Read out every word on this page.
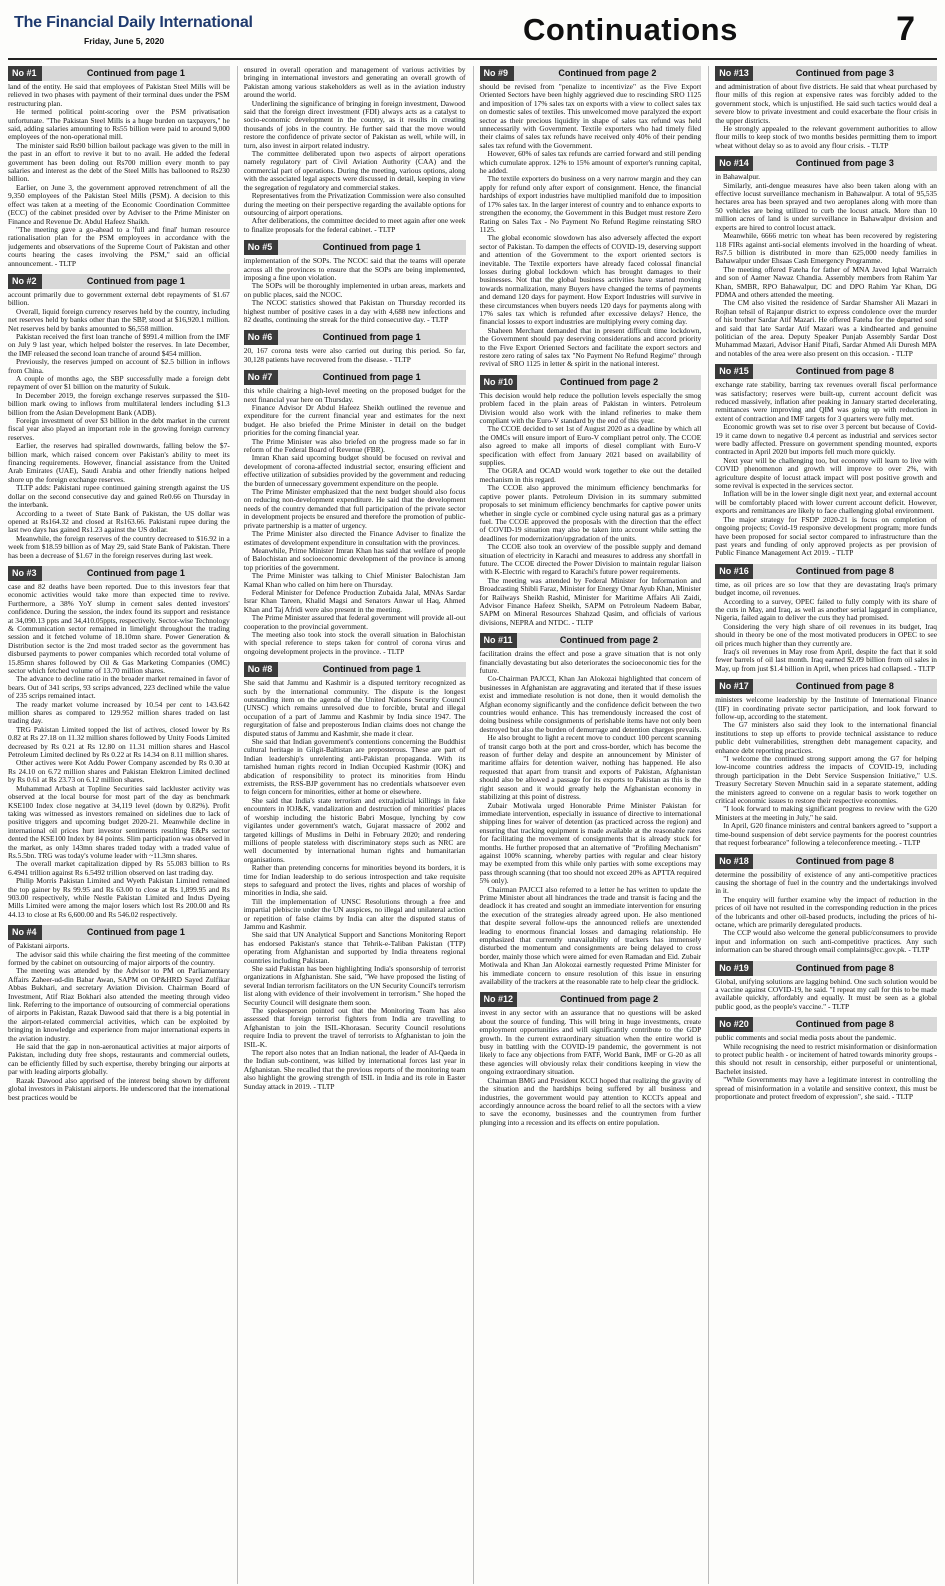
The Financial Daily International
Friday, June 5, 2020	Continuations	7
No #1	Continued from page 1

land of the entity. He said that employees of Pakistan Steel Mills will be relieved in two phases with payment of their terminal dues under the PSM restructuring plan.

He termed political point-scoring over the PSM privatisation unfortunate. "The Pakistan Steel Mills is a huge burden on taxpayers," he said, adding salaries amounting to Rs55 billion were paid to around 9,000 employees of the non-operational mill.

The minister said Rs90 billion bailout package was given to the mill in the past in an effort to revive it but to no avail. He added the federal government has been doling out Rs700 million every month to pay salaries and interest as the debt of the Steel Mills has ballooned to Rs230 billion.

Earlier, on June 3, the government approved retrenchment of all the 9,350 employees of the Pakistan Steel Mills (PSM). A decision to this effect was taken at a meeting of the Economic Coordination Committee (ECC) of the cabinet presided over by Adviser to the Prime Minister on Finance and Revenue Dr. Abdul Hafeez Shaikh.

"The meeting gave a go-ahead to a 'full and final' human resource rationalisation plan for the PSM employees in accordance with the judgements and observations of the Supreme Court of Pakistan and other courts hearing the cases involving the PSM," said an official announcement. - TLTP

No #2	Continued from page 1

account primarily due to government external debt repayments of $1.67 billion.

Overall, liquid foreign currency reserves held by the country, including net reserves held by banks other than the SBP, stood at $16,920.1 million. Net reserves held by banks amounted to $6,558 million.

Pakistan received the first loan tranche of $991.4 million from the IMF on July 9 last year, which helped bolster the reserves. In late December, the IMF released the second loan tranche of around $454 million.

Previously, the reserves jumped on account of $2.5 billion in inflows from China.

A couple of months ago, the SBP successfully made a foreign debt repayment of over $1 billion on the maturity of Sukuk.

In December 2019, the foreign exchange reserves surpassed the $10-billion mark owing to inflows from multilateral lenders including $1.3 billion from the Asian Development Bank (ADB).

Foreign investment of over $3 billion in the debt market in the current fiscal year also played an important role in the growing foreign currency reserves.

Earlier, the reserves had spiralled downwards, falling below the $7-billion mark, which raised concern over Pakistan's ability to meet its financing requirements. However, financial assistance from the United Arab Emirates (UAE), Saudi Arabia and other friendly nations helped shore up the foreign exchange reserves.

TLTP adds: Pakistani rupee continued gaining strength against the US dollar on the second consecutive day and gained Re0.66 on Thursday in the interbank.

According to a tweet of State Bank of Pakistan, the US dollar was opened at Rs164.32 and closed at Rs163.66. Pakistani rupee during the last two days has gained Rs1.23 against the US dollar.

Meanwhile, the foreign reserves of the country decreased to $16.92 in a week from $18.59 billion as of May 29, said State Bank of Pakistan. There has been a decrease of $1.67 in the foreign reserves during last week.

No #3	Continued from page 1

case and 82 deaths have been reported. Due to this investors fear that economic activities would take more than expected time to revive. Furthermore, a 38% YoY slump in cement sales dented investors' confidence. During the session, the index found its support and resistance at 34,090.13 ppts and 34,410.05ppts, respectively. Sector-wise Technology & Communication sector remained in limelight throughout the trading session and it fetched volume of 18.10mn share. Power Generation & Distribution sector is the 2nd most traded sector as the government has disbursed payments to power companies which recorded total volume of 15.85mn shares followed by Oil & Gas Marketing Companies (OMC) sector which fetched volume of 13.70 million shares.

The advance to decline ratio in the broader market remained in favor of bears. Out of 341 scrips, 93 scrips advanced, 223 declined while the value of 235 scrips remained intact.

The ready market volume increased by 10.54 per cent to 143.642 million shares as compared to 129.952 million shares traded on last trading day.

TRG Pakistan Limited topped the list of actives, closed lower by Rs 0.82 at Rs 27.18 on 11.32 million shares followed by Unity Foods Limited decreased by Rs 0.21 at Rs 12.80 on 11.31 million shares and Hascol Petroleum Limited declined by Rs 0.22 at Rs 14.34 on 8.11 million shares.

Other actives were Kot Addu Power Company ascended by Rs 0.30 at Rs 24.10 on 6.72 million shares and Pakistan Elektron Limited declined by Rs 0.61 at Rs 23.73 on 6.12 million shares.

Muhammad Arbash at Topline Securities said lackluster activity was observed at the local bourse for most part of the day as benchmark KSE100 Index close negative at 34,119 level (down by 0.82%). Profit taking was witnessed as investors remained on sidelines due to lack of positive triggers and upcoming budget 2020-21. Meanwhile decline in international oil prices hurt investor sentiments resulting E&Ps sector dented the KSE100 Index by 84 points. Slim participation was observed in the market, as only 143mn shares traded today with a traded value of Rs.5.5bn. TRG was today's volume leader with ~11.3mn shares.

The overall market capitalization dipped by Rs 55.083 billion to Rs 6.4941 trillion against Rs 6.5492 trillion observed on last trading day.

Philip Morris Pakistan Limited and Wyeth Pakistan Limited remained the top gainer by Rs 99.95 and Rs 63.00 to close at Rs 1,899.95 and Rs 903.00 respectively, while Nestle Pakistan Limited and Indus Dyeing Mills Limited were among the major losers which lost Rs 200.00 and Rs 44.13 to close at Rs 6,600.00 and Rs 546.02 respectively.

No #4	Continued from page 1

of Pakistani airports.

The advisor said this while chairing the first meeting of the committee formed by the cabinet on outsourcing of major airports of the country.

The meeting was attended by the Advisor to PM on Parliamentary Affairs Zaheer-ud-din Babar Awan, SAPM on OP&HRD Sayed Zulfikar Abbas Bukhari, and secretary Aviation Division. Chairman Board of Investment, Atif Riaz Bokhari also attended the meeting through video link. Referring to the importance of outsourcing of commercial operations of airports in Pakistan, Razak Dawood said that there is a big potential in the airport-related commercial activities, which can be exploited by bringing in knowledge and experience from major international experts in the aviation industry.

He said that the gap in non-aeronautical activities at major airports of Pakistan, including duty free shops, restaurants and commercial outlets, can be efficiently filled by such expertise, thereby bringing our airports at par with leading airports globally.

Razak Dawood also apprised of the interest being shown by different global investors in Pakistani airports. He underscored that the international best practices would be

ensured in overall operation and management of various activities by bringing in international investors and generating an overall growth of Pakistan among various stakeholders as well as in the aviation industry around the world.

Underlining the significance of bringing in foreign investment, Dawood said that the foreign direct investment (FDI) always acts as a catalyst to socio-economic development in the country, as it results in creating thousands of jobs in the country. He further said that the move would restore the confidence of private sector of Pakistan as well, while will, in turn, also invest in airport related industry.

The committee deliberated upon two aspects of airport operations namely regulatory part of Civil Aviation Authority (CAA) and the commercial part of operations. During the meeting, various options, along with the associated legal aspects were discussed in detail, keeping in view the segregation of regulatory and commercial stakes.

Representatives from the Privatization Commission were also consulted during the meeting on their perspective regarding the available options for outsourcing of airport operations.

After deliberations, the committee decided to meet again after one week to finalize proposals for the federal cabinet. - TLTP

No #5	Continued from page 1

implementation of the SOPs. The NCOC said that the teams will operate across all the provinces to ensure that the SOPs are being implemented, imposing a fine upon violation.

The SOPs will be thoroughly implemented in urban areas, markets and on public places, said the NCOC.

The NCOC statistics showed that Pakistan on Thursday recorded its highest number of positive cases in a day with 4,688 new infections and 82 deaths, continuing the streak for the third consecutive day. - TLTP

No #6	Continued from page 1

20, 167 corona tests were also carried out during this period. So far, 30,128 patients have recovered from the disease. - TLTP

No #7	Continued from page 1

this while chairing a high-level meeting on the proposed budget for the next financial year here on Thursday.

Finance Advisor Dr Abdul Hafeez Sheikh outlined the revenue and expenditure for the current financial year and estimates for the next budget. He also briefed the Prime Minister in detail on the budget priorities for the coming financial year.

The Prime Minister was also briefed on the progress made so far in reform of the Federal Board of Revenue (FBR).

Imran Khan said upcoming budget should be focused on revival and development of corona-affected industrial sector, ensuring efficient and effective utilization of subsidies provided by the government and reducing the burden of unnecessary government expenditure on the people.

The Prime Minister emphasized that the next budget should also focus on reducing non-development expenditure. He said that the development needs of the country demanded that full participation of the private sector in development projects be ensured and therefore the promotion of public-private partnership is a matter of urgency.

The Prime Minister also directed the Finance Adviser to finalize the estimates of development expenditure in consultation with the provinces.

Meanwhile, Prime Minister Imran Khan has said that welfare of people of Balochistan and socioeconomic development of the province is among top priorities of the government.

The Prime Minister was talking to Chief Minister Balochistan Jam Kamal Khan who called on him here on Thursday.

Federal Minister for Defence Production Zubaida Jalal, MNAs Sardar Israr Khan Tareen, Khalid Magsi and Senators Anwar ul Haq, Ahmed Khan and Taj Afridi were also present in the meeting.

The Prime Minister assured that federal government will provide all-out cooperation to the provincial government.

The meeting also took into stock the overall situation in Balochistan with special reference to steps taken for control of corona virus and ongoing development projects in the province. - TLTP

No #8	Continued from page 1

She said that Jammu and Kashmir is a disputed territory recognized as such by the international community. The dispute is the longest outstanding item on the agenda of the United Nations Security Council (UNSC) which remains unresolved due to forcible, brutal and illegal occupation of a part of Jammu and Kashmir by India since 1947. The regurgitation of false and preposterous Indian claims does not change the disputed status of Jammu and Kashmir, she made it clear.

She said that Indian government's contentions concerning the Buddhist cultural heritage in Gilgit-Baltistan are preposterous. These are part of Indian leadership's unrelenting anti-Pakistan propaganda. With its tarnished human rights record in Indian Occupied Kashmir (IOK) and abdication of responsibility to protect its minorities from Hindu extremists, the RSS-BJP government has no credentials whatsoever even to feign concern for minorities, either at home or elsewhere.

She said that India's state terrorism and extrajudicial killings in fake encounters in IOJ&K, vandalization and destruction of minorities' places of worship including the historic Babri Mosque, lynching by cow vigilantes under government's watch, Gujarat massacre of 2002 and targeted killings of Muslims in Delhi in February 2020; and rendering millions of people stateless with discriminatory steps such as NRC are well documented by international human rights and humanitarian organisations.

Rather than pretending concerns for minorities beyond its borders, it is time for Indian leadership to do serious introspection and take requisite steps to safeguard and protect the lives, rights and places of worship of minorities in India, she said.

Till the implementation of UNSC Resolutions through a free and impartial plebiscite under the UN auspices, no illegal and unilateral action or repetition of false claims by India can alter the disputed status of Jammu and Kashmir.

She said that UN Analytical Support and Sanctions Monitoring Report has endorsed Pakistan's stance that Tehrik-e-Taliban Pakistan (TTP) operating from Afghanistan and supported by India threatens regional countries including Pakistan.

She said Pakistan has been highlighting India's sponsorship of terrorist organizations in Afghanistan. She said, "We have proposed the listing of several Indian terrorism facilitators on the UN Security Council's terrorism list along with evidence of their involvement in terrorism." She hoped the Security Council will designate them soon.

The spokesperson pointed out that the Monitoring Team has also assessed that foreign terrorist fighters from India are travelling to Afghanistan to join the ISIL-Khorasan. Security Council resolutions require India to prevent the travel of terrorists to Afghanistan to join the ISIL-K.

The report also notes that an Indian national, the leader of Al-Qaeda in the Indian sub-continent, was killed by international forces last year in Afghanistan. She recalled that the previous reports of the monitoring team also highlight the growing strength of ISIL in India and its role in Easter Sunday attack in 2019. - TLTP

No #9	Continued from page 2

should be revised from "penalize to incentivize" as the Five Export Oriented Sectors have been highly aggrieved due to rescinding SRO 1125 and imposition of 17% sales tax on exports with a view to collect sales tax on domestic sales of textiles. This unwelcomed move paralyzed the export sector as their precious liquidity in shape of sales tax refund was held unnecessarily with Government. Textile exporters who had timely filed their claims of sales tax refunds have received only 40% of their pending sales tax refund with the Government.

However, 60% of sales tax refunds are carried forward and still pending which cumulate approx. 12% to 15% amount of exporter's running capital, he added.

The textile exporters do business on a very narrow margin and they can apply for refund only after export of consignment. Hence, the financial hardships of export industries have multiplied manifold due to imposition of 17% sales tax. In the larger interest of country and to enhance exports to strengthen the economy, the Government in this Budget must restore Zero Rating on Sales Tax - No Payment No Refund Regime reinstating SRO 1125.

The global economic slowdown has also adversely affected the export sector of Pakistan. To dampen the effects of COVID-19, deserving support and attention of the Government to the export oriented sectors is inevitable. The Textile exporters have already faced colossal financial losses during global lockdown which has brought damages to their businesses. Not that the global business activities have started moving towards normalization, many Buyers have changed the terms of payments and demand 120 days for payment. How Export Industries will survive in these circumstances when buyers needs 120 days for payments along with 17% sales tax which is refunded after excessive delays? Hence, the financial losses to export industries are multiplying every coming day.

Shaheen Merchant demanded that in present difficult time lockdown, the Government should pay deserving considerations and accord priority to the Five Export Oriented Sectors and facilitate the export sectors and restore zero rating of sales tax "No Payment No Refund Regime" through revival of SRO 1125 in letter & spirit in the national interest.

No #10	Continued from page 2

This decision would help reduce the pollution levels especially the smog problem faced in the plain areas of Pakistan in winters. Petroleum Division would also work with the inland refineries to make them compliant with the Euro-V standard by the end of this year.

The CCOE decided to set 1st of August 2020 as a deadline by which all the OMCs will ensure import of Euro-V compliant petrol only. The CCOE also agreed to make all imports of diesel compliant with Euro-V specification with effect from January 2021 based on availability of supplies.

The OGRA and OCAD would work together to eke out the detailed mechanism in this regard.

The CCOE also approved the minimum efficiency benchmarks for captive power plants. Petroleum Division in its summary submitted proposals to set minimum efficiency benchmarks for captive power units whether in single cycle or combined cycle using natural gas as a primary fuel. The CCOE approved the proposals with the direction that the effect of COVID-19 situation may also be taken into account while setting the deadlines for modernization/upgradation of the units.

The CCOE also took an overview of the possible supply and demand situation of electricity in Karachi and measures to address any shortfall in future. The CCOE directed the Power Division to maintain regular liaison with K-Electric with regard to Karachi's future power requirements.

The meeting was attended by Federal Minister for Information and Broadcasting Shibli Faraz, Minister for Energy Omar Ayub Khan, Minister for Railways Sheikh Rashid, Minister for Maritime Affairs Ali Zaidi, Advisor Finance Hafeez Sheikh, SAPM on Petroleum Nadeem Babar, SAPM on Mineral Resources Shahzad Qasim, and officials of various divisions, NEPRA and NTDC. - TLTP

No #11	Continued from page 2

facilitation drains the effect and pose a grave situation that is not only financially devastating but also deteriorates the socioeconomic ties for the future.

Co-Chairman PAJCCI, Khan Jan Alokozai highlighted that concern of businesses in Afghanistan are aggravating and iterated that if these issues exist and immediate resolution is not done, then it would demolish the Afghan economy significantly and the confidence deficit between the two countries would enhance. This has tremendously increased the cost of doing business while consignments of perishable items have not only been destroyed but also the burden of demurrage and detention charges prevails.

He also brought to light a recent move to conduct 100 percent scanning of transit cargo both at the port and cross-border, which has become the reason of further delay and despite an announcement by Minister of maritime affairs for detention waiver, nothing has happened. He also requested that apart from transit and exports of Pakistan, Afghanistan should also be allowed a passage for its exports to Pakistan as this is the right season and it would greatly help the Afghanistan economy in stabilizing at this point of distress.

Zubair Motiwala urged Honorable Prime Minister Pakistan for immediate intervention, especially in issuance of directive to international shipping lines for waiver of detention (as practiced across the region) and ensuring that tracking equipment is made available at the reasonable rates for facilitating the movement of consignments that is already stuck for months. He further proposed that an alternative of "Profiling Mechanism" against 100% scanning, whereby parties with regular and clear history may be exempted from this while only parties with some exceptions may pass through scanning (that too should not exceed 20% as APTTA required 5% only).

Chairman PAJCCI also referred to a letter he has written to update the Prime Minister about all hindrances the trade and transit is facing and the deadlock it has created and sought an immediate intervention for ensuring the execution of the strategies already agreed upon. He also mentioned that despite several follow-ups the announced reliefs are unextended leading to enormous financial losses and damaging relationship. He emphasized that currently unavailability of trackers has immensely disturbed the momentum and consignments are being delayed to cross border, mainly those which were aimed for even Ramadan and Eid. Zubair Motiwala and Khan Jan Alokozai earnestly requested Prime Minister for his immediate concern to ensure resolution of this issue in ensuring availability of the trackers at the reasonable rate to help clear the gridlock.

No #12	Continued from page 2

invest in any sector with an assurance that no questions will be asked about the source of funding. This will bring in huge investments, create employment opportunities and will significantly contribute to the GDP growth. In the current extraordinary situation when the entire world is busy in battling with the COVID-19 pandemic, the government is not likely to face any objections from FATF, World Bank, IMF or G-20 as all these agencies will obviously relax their conditions keeping in view the ongoing extraordinary situation.

Chairman BMG and President KCCI hoped that realizing the gravity of the situation and the hardships being suffered by all business and industries, the government would pay attention to KCCI's appeal and accordingly announce across the board relief to all the sectors with a view to save the economy, businesses and the countrymen from further plunging into a recession and its effects on entire population.

No #13	Continued from page 3

and administration of about five districts. He said that wheat purchased by flour mills of this region at expensive rates was forcibly added to the government stock, which is unjustified. He said such tactics would deal a severe blow to private investment and could exacerbate the flour crisis in the upper districts.

He strongly appealed to the relevant government authorities to allow flour mills to keep stock of two months besides permitting them to import wheat without delay so as to avoid any flour crisis. - TLTP

No #14	Continued from page 3

in Bahawalpur.

Similarly, anti-dengue measures have also been taken along with an effective locust surveillance mechanism in Bahawalpur. A total of 95,535 hectares area has been sprayed and two aeroplanes along with more than 50 vehicles are being utilized to curb the locust attack. More than 10 million acres of land is under surveillance in Bahawalpur division and experts are hired to control locust attack.

Meanwhile, 6666 metric ton wheat has been recovered by registering 118 FIRs against anti-social elements involved in the hoarding of wheat. Rs7.5 billion is distributed in more than 625,000 needy families in Bahawalpur under Ehsaas Cash Emergency Programme.

The meeting offered Fateha for father of MNA Javed Iqbal Warraich and son of Aamer Nawaz Chandia. Assembly members from Rahim Yar Khan, SMBR, RPO Bahawalpur, DC and DPO Rahim Yar Khan, DG PDMA and others attended the meeting.

The CM also visited the residence of Sardar Shamsher Ali Mazari in Rojhan tehsil of Rajanpur district to express condolence over the murder of his brother Sardar Atif Mazari. He offered Fateha for the departed soul and said that late Sardar Atif Mazari was a kindhearted and genuine politician of the area. Deputy Speaker Punjab Assembly Sardar Dost Muhammad Mazari, Advisor Hanif Pitafi, Sardar Ahmed Ali Duresh MPA and notables of the area were also present on this occasion. - TLTP

No #15	Continued from page 8

exchange rate stability, barring tax revenues overall fiscal performance was satisfactory; reserves were built-up, current account deficit was reduced massively, inflation after peaking in January started decelerating, remittances were improving and QIM was going up with reduction in extent of contraction and IMF targets for 3 quarters were fully met.

Economic growth was set to rise over 3 percent but because of Covid-19 it came down to negative 0.4 percent as industrial and services sector were badly affected. Pressure on government spending mounted, exports contracted in April 2020 but imports fell much more quickly.

Next year will be challenging too, but economy will learn to live with COVID phenomenon and growth will improve to over 2%, with agriculture despite of locust attack impact will post positive growth and some revival is expected in the services sector.

Inflation will be in the lower single digit next year, and external account will be comfortably placed with lower current account deficit. However, exports and remittances are likely to face challenging global environment.

The major strategy for FSDP 2020-21 is focus on completion of ongoing projects; Covid-19 responsive development program; more funds have been proposed for social sector compared to infrastructure than the past years and funding of only approved projects as per provision of Public Finance Management Act 2019. - TLTP

No #16	Continued from page 8

time, as oil prices are so low that they are devastating Iraq's primary budget income, oil revenues.

According to a survey, OPEC failed to fully comply with its share of the cuts in May, and Iraq, as well as another serial laggard in compliance, Nigeria, failed again to deliver the cuts they had promised.

Considering the very high share of oil revenues in its budget, Iraq should in theory be one of the most motivated producers in OPEC to see oil prices much higher than they currently are.

Iraq's oil revenues in May rose from April, despite the fact that it sold fewer barrels of oil last month. Iraq earned $2.09 billion from oil sales in May, up from just $1.4 billion in April, when prices had collapsed. - TLTP

No #17	Continued from page 8

ministers welcome leadership by the Institute of International Finance (IIF) in coordinating private sector participation, and look forward to follow-up, according to the statement.

The G7 ministers also said they look to the international financial institutions to step up efforts to provide technical assistance to reduce public debt vulnerabilities, strengthen debt management capacity, and enhance debt reporting practices.

"I welcome the continued strong support among the G7 for helping low-income countries address the impacts of COVID-19, including through participation in the Debt Service Suspension Initiative," U.S. Treasury Secretary Steven Mnuchin said in a separate statement, adding the ministers agreed to convene on a regular basis to work together on critical economic issues to restore their respective economies.

"I look forward to making significant progress to review with the G20 Ministers at the meeting in July," he said.

In April, G20 finance ministers and central bankers agreed to "support a time-bound suspension of debt service payments for the poorest countries that request forbearance" following a teleconference meeting. - TLTP

No #18	Continued from page 8

determine the possibility of existence of any anti-competitive practices causing the shortage of fuel in the country and the undertakings involved in it.

The enquiry will further examine why the impact of reduction in the prices of oil have not resulted in the corresponding reduction in the prices of the lubricants and other oil-based products, including the prices of hi-octane, which are primarily deregulated products.

The CCP would also welcome the general public/consumers to provide input and information on such anti-competitive practices. Any such information can be shared through email complaints@cc.gov.pk. - TLTP

No #19	Continued from page 8

Global, unifying solutions are lagging behind. One such solution would be a vaccine against COVID-19, he said. "I repeat my call for this to be made available quickly, affordably and equally. It must be seen as a global public good, as the people's vaccine." - TLTP

No #20	Continued from page 8

public comments and social media posts about the pandemic.

While recognising the need to restrict misinformation or disinformation to protect public health - or incitement of hatred towards minority groups - this should not result in censorship, either purposeful or unintentional, Bachelet insisted.

"While Governments may have a legitimate interest in controlling the spread of misinformation in a volatile and sensitive context, this must be proportionate and protect freedom of expression", she said. - TLTP
